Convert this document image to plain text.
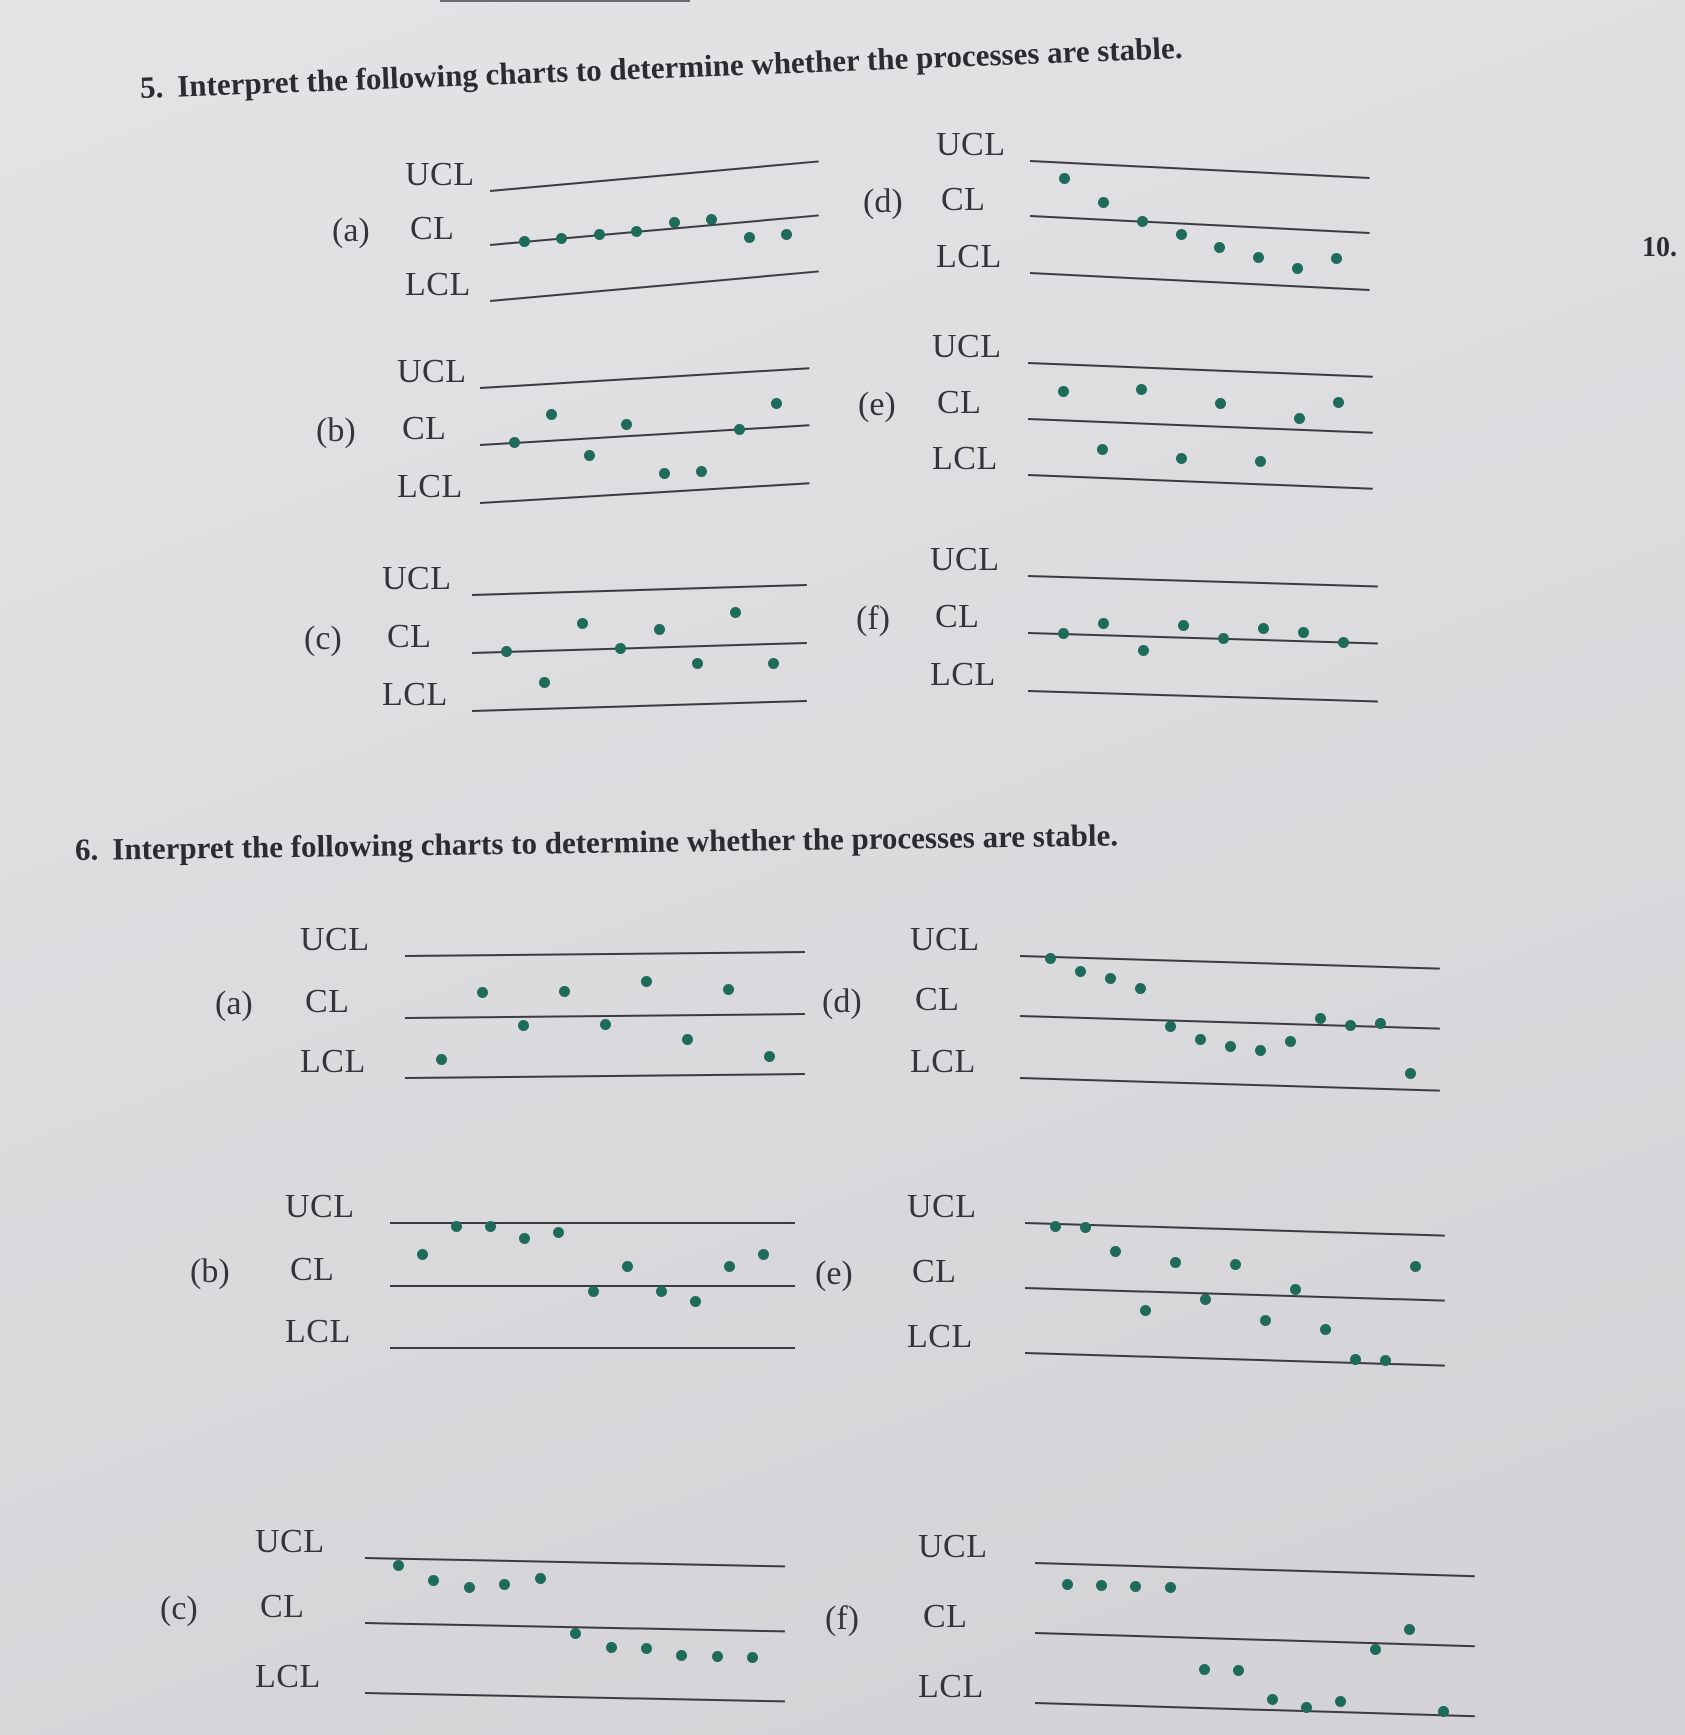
5. Interpret the following charts to determine whether the processes are stable.
10.
6. Interpret the following charts to determine whether the processes are stable.
(a)
UCL
CL
LCL
(b)
UCL
CL
LCL
(c)
UCL
CL
LCL
(d)
UCL
CL
LCL
(e)
UCL
CL
LCL
(f)
UCL
CL
LCL
(a)
UCL
CL
LCL
(b)
UCL
CL
LCL
(c)
UCL
CL
LCL
(d)
UCL
CL
LCL
(e)
UCL
CL
LCL
(f)
UCL
CL
LCL
